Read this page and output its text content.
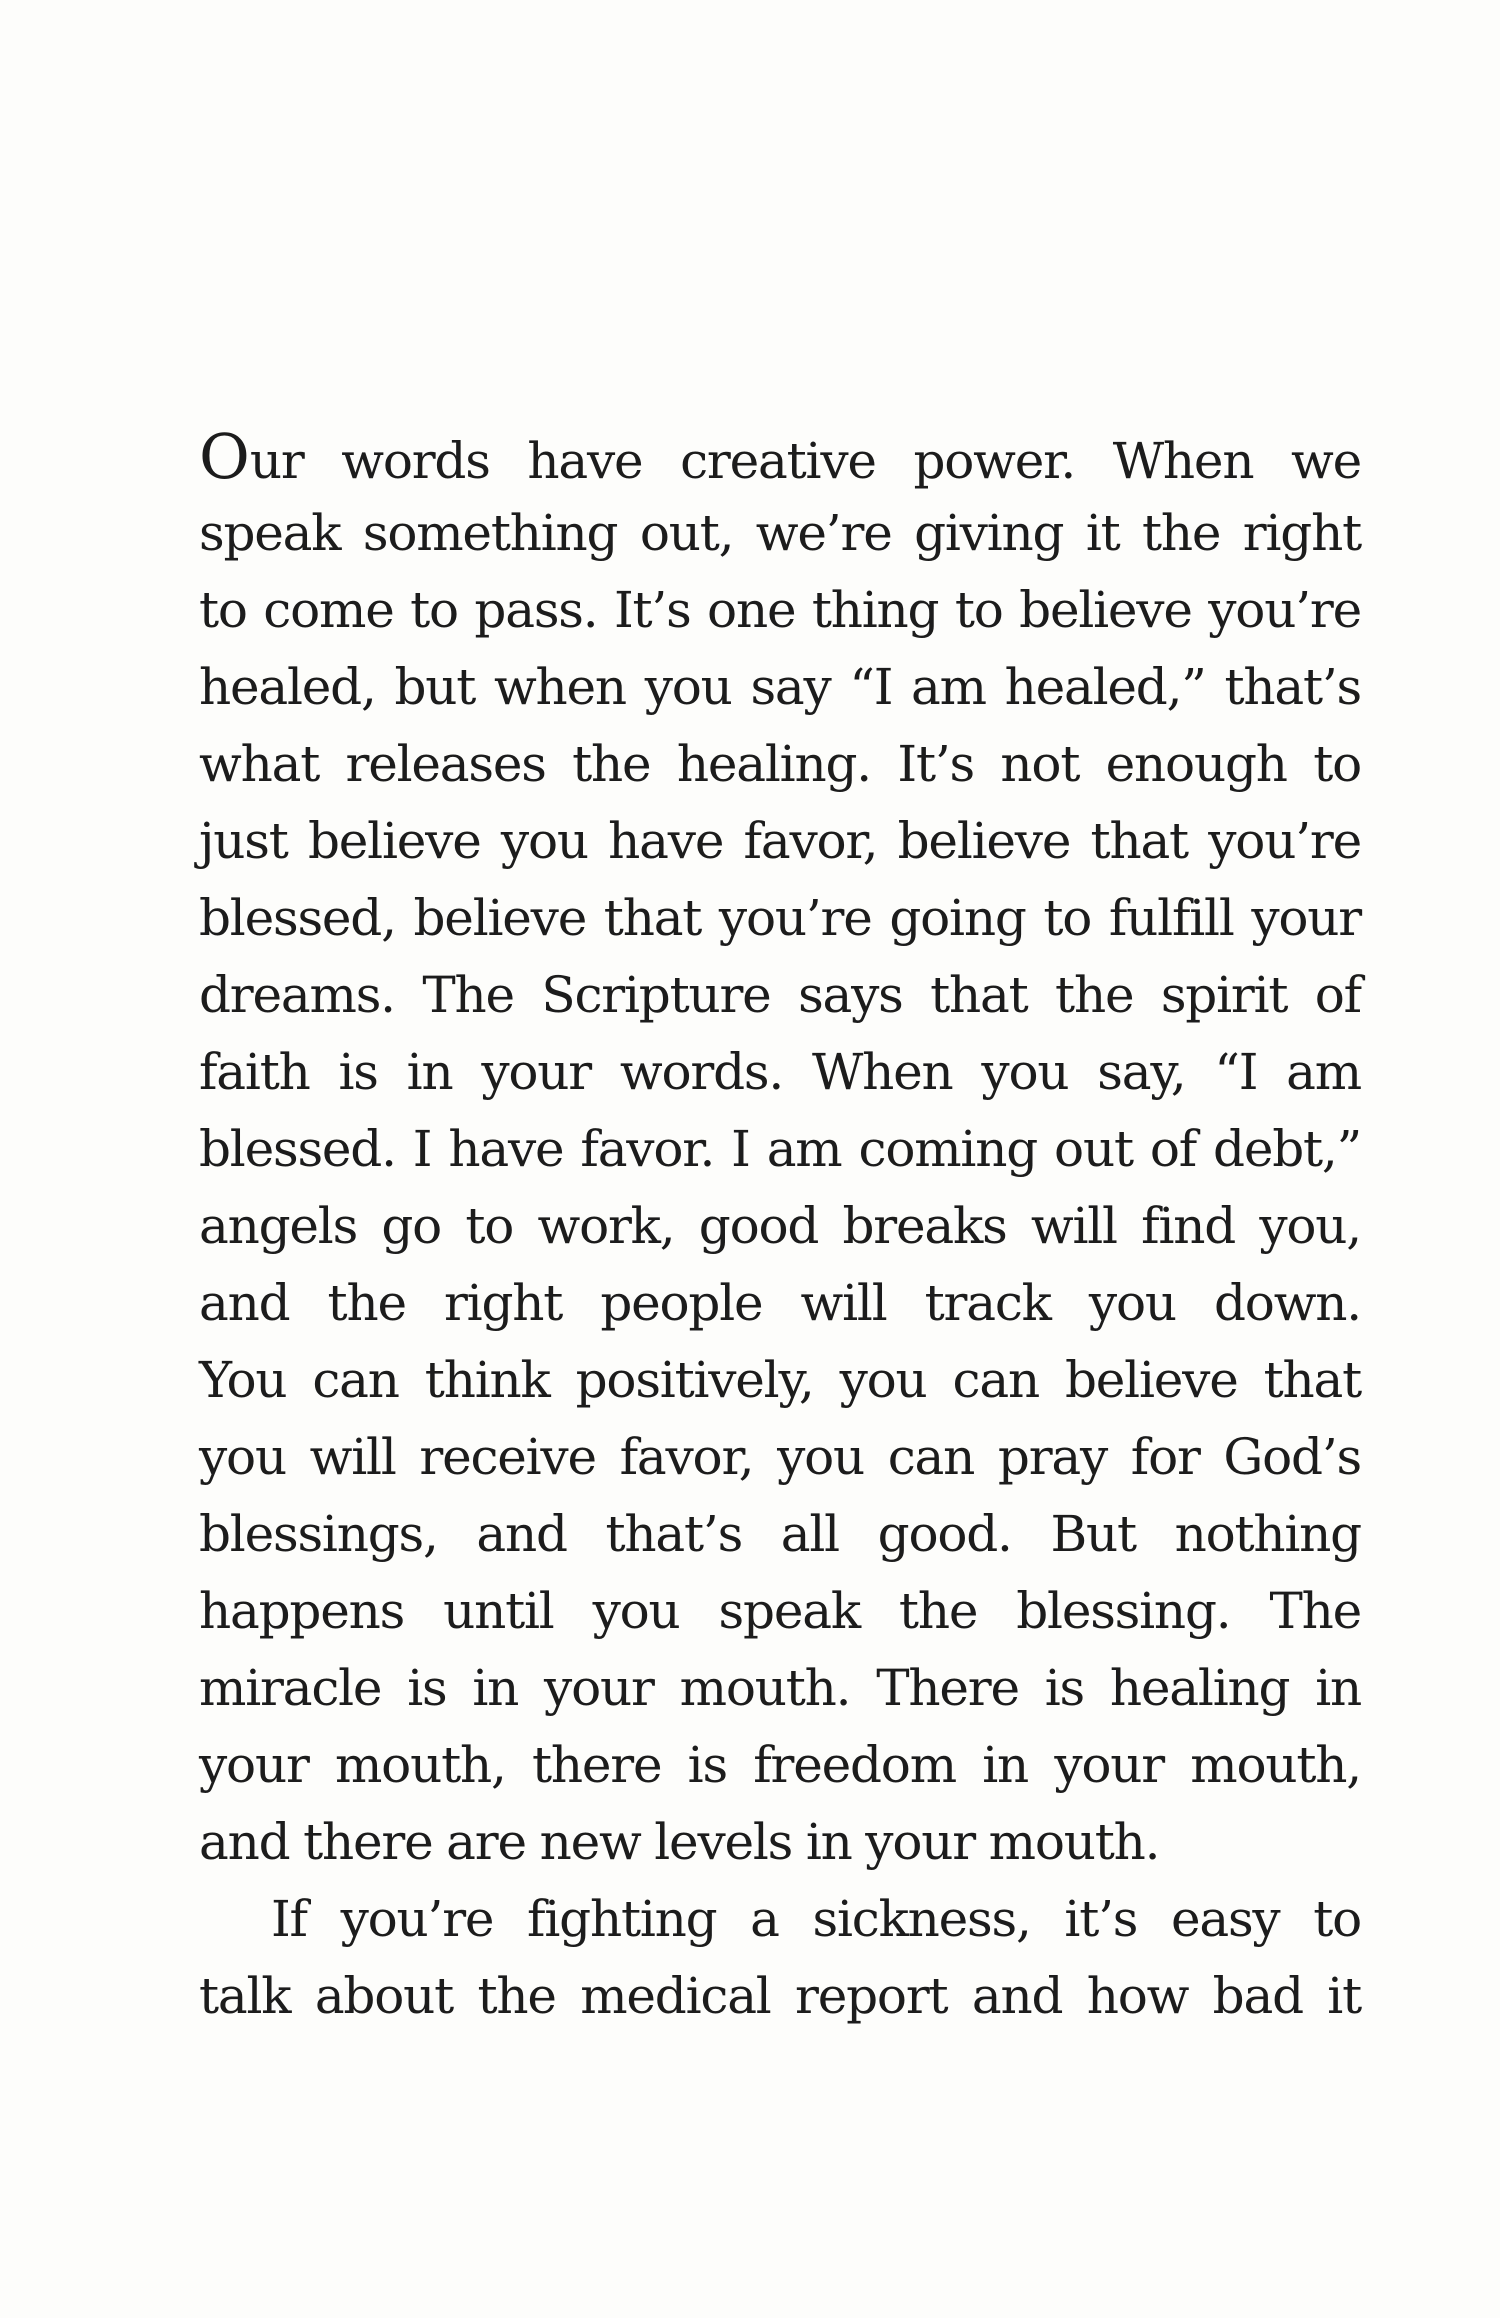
Our words have creative power. When we
speak something out, we’re giving it the right
to come to pass. It’s one thing to believe you’re
healed, but when you say “I am healed,” that’s
what releases the healing. It’s not enough to
just believe you have favor, believe that you’re
blessed, believe that you’re going to fulfill your
dreams. The Scripture says that the spirit of
faith is in your words. When you say, “I am
blessed. I have favor. I am coming out of debt,”
angels go to work, good breaks will find you,
and the right people will track you down.
You can think positively, you can believe that
you will receive favor, you can pray for God’s
blessings, and that’s all good. But nothing
happens until you speak the blessing. The
miracle is in your mouth. There is healing in
your mouth, there is freedom in your mouth,
and there are new levels in your mouth.
If you’re fighting a sickness, it’s easy to
talk about the medical report and how bad it
